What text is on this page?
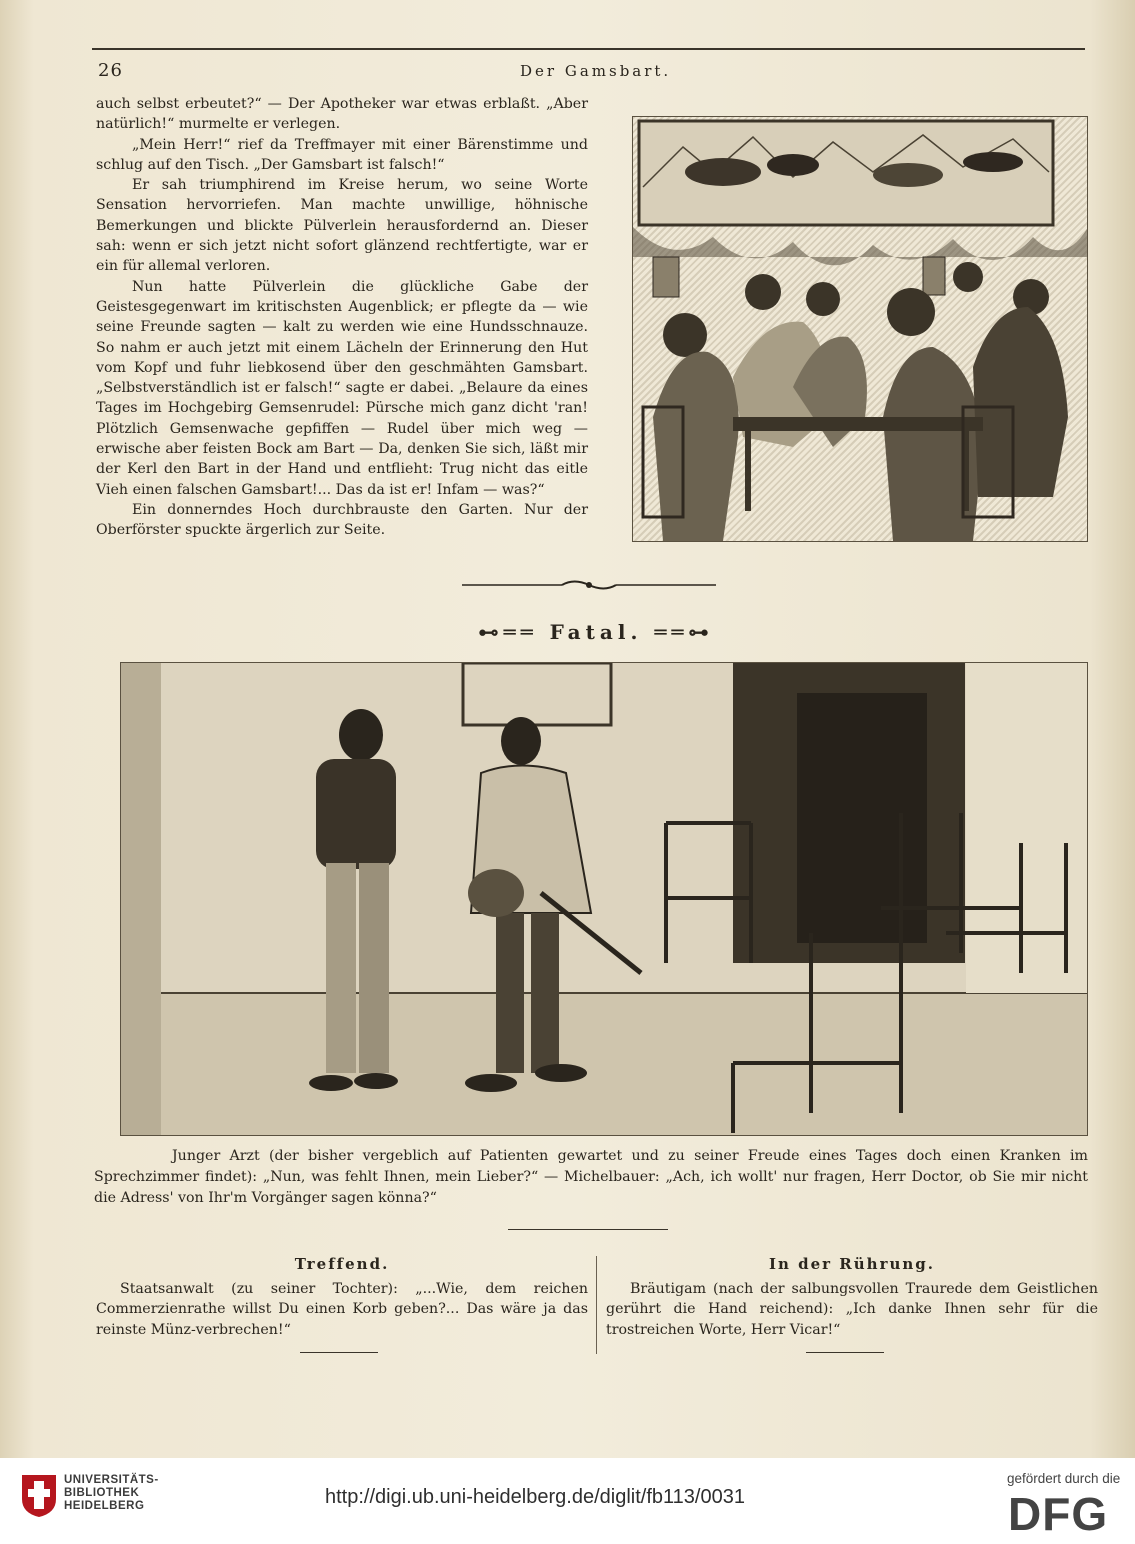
26	Der Gamsbart.

auch selbst erbeutet?“ — Der Apotheker war etwas erblaßt. „Aber natürlich!“ murmelte er verlegen.

„Mein Herr!“ rief da Treffmayer mit einer Bärenstimme und schlug auf den Tisch. „Der Gamsbart ist falsch!“

Er sah triumphirend im Kreise herum, wo seine Worte Sensation hervorriefen. Man machte unwillige, höhnische Bemerkungen und blickte Pülverlein herausfordernd an. Dieser sah: wenn er sich jetzt nicht sofort glänzend rechtfertigte, war er ein für allemal verloren.

Nun hatte Pülverlein die glückliche Gabe der Geistesgegenwart im kritischsten Augenblick; er pflegte da — wie seine Freunde sagten — kalt zu werden wie eine Hundsschnauze. So nahm er auch jetzt mit einem Lächeln der Erinnerung den Hut vom Kopf und fuhr liebkosend über den geschmähten Gamsbart. „Selbstverständlich ist er falsch!“ sagte er dabei. „Belaure da eines Tages im Hochgebirg Gemsenrudel: Pürsche mich ganz dicht 'ran! Plötzlich Gemsenwache gepfiffen — Rudel über mich weg — erwische aber feisten Bock am Bart — Da, denken Sie sich, läßt mir der Kerl den Bart in der Hand und entflieht: Trug nicht das eitle Vieh einen falschen Gamsbart!... Das da ist er! Infam — was?“

Ein donnerndes Hoch durchbrauste den Garten. Nur der Oberförster spuckte ärgerlich zur Seite.

⊷══ Fatal. ══⊶
Junger Arzt (der bisher vergeblich auf Patienten gewartet und zu seiner Freude eines Tages doch einen Kranken im Sprechzimmer findet): „Nun, was fehlt Ihnen, mein Lieber?“ — Michelbauer: „Ach, ich wollt' nur fragen, Herr Doctor, ob Sie mir nicht die Adress' von Ihr'm Vorgänger sagen könna?“
Treffend.

Staatsanwalt (zu seiner Tochter): „...Wie, dem reichen Commerzienrathe willst Du einen Korb geben?... Das wäre ja das reinste Münz-verbrechen!“

In der Rührung.

Bräutigam (nach der salbungsvollen Traurede dem Geistlichen gerührt die Hand reichend): „Ich danke Ihnen sehr für die trostreichen Worte, Herr Vicar!“

UNIVERSITÄTS-
BIBLIOTHEK
HEIDELBERG	http://digi.ub.uni-heidelberg.de/diglit/fb113/0031
gefördert durch die
DFG
